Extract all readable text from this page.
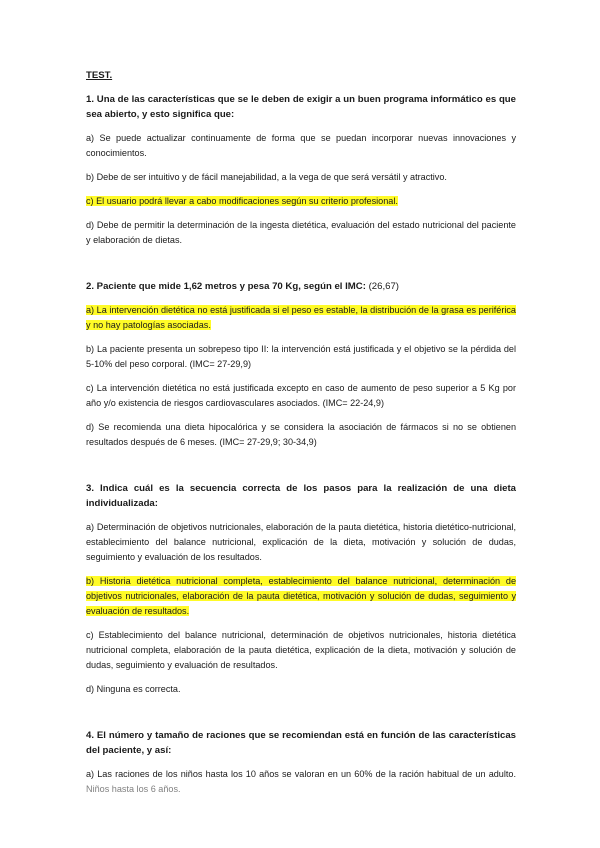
TEST.
1. Una de las características que se le deben de exigir a un buen programa informático es que sea abierto, y esto significa que:
a) Se puede actualizar continuamente de forma que se puedan incorporar nuevas innovaciones y conocimientos.
b) Debe de ser intuitivo y de fácil manejabilidad, a la vega de que será versátil y atractivo.
c) El usuario podrá llevar a cabo modificaciones según su criterio profesional.
d) Debe de permitir la determinación de la ingesta dietética, evaluación del estado nutricional del paciente y elaboración de dietas.
2. Paciente que mide 1,62 metros y pesa 70 Kg, según el IMC: (26,67)
a) La intervención dietética no está justificada si el peso es estable, la distribución de la grasa es periférica y no hay patologías asociadas.
b) La paciente presenta un sobrepeso tipo II: la intervención está justificada y el objetivo se la pérdida del 5-10% del peso corporal. (IMC= 27-29,9)
c) La intervención dietética no está justificada excepto en caso de aumento de peso superior a 5 Kg por año y/o existencia de riesgos cardiovasculares asociados. (IMC= 22-24,9)
d) Se recomienda una dieta hipocalórica y se considera la asociación de fármacos si no se obtienen resultados después de 6 meses. (IMC= 27-29,9; 30-34,9)
3. Indica cuál es la secuencia correcta de los pasos para la realización de una dieta individualizada:
a) Determinación de objetivos nutricionales, elaboración de la pauta dietética, historia dietético-nutricional, establecimiento del balance nutricional, explicación de la dieta, motivación y solución de dudas, seguimiento y evaluación de los resultados.
b) Historia dietética nutricional completa, establecimiento del balance nutricional, determinación de objetivos nutricionales, elaboración de la pauta dietética, motivación y solución de dudas, seguimiento y evaluación de resultados.
c) Establecimiento del balance nutricional, determinación de objetivos nutricionales, historia dietética nutricional completa, elaboración de la pauta dietética, explicación de la dieta, motivación y solución de dudas, seguimiento y evaluación de resultados.
d) Ninguna es correcta.
4. El número y tamaño de raciones que se recomiendan está en función de las características del paciente, y así:
a) Las raciones de los niños hasta los 10 años se valoran en un 60% de la ración habitual de un adulto. Niños hasta los 6 años.
